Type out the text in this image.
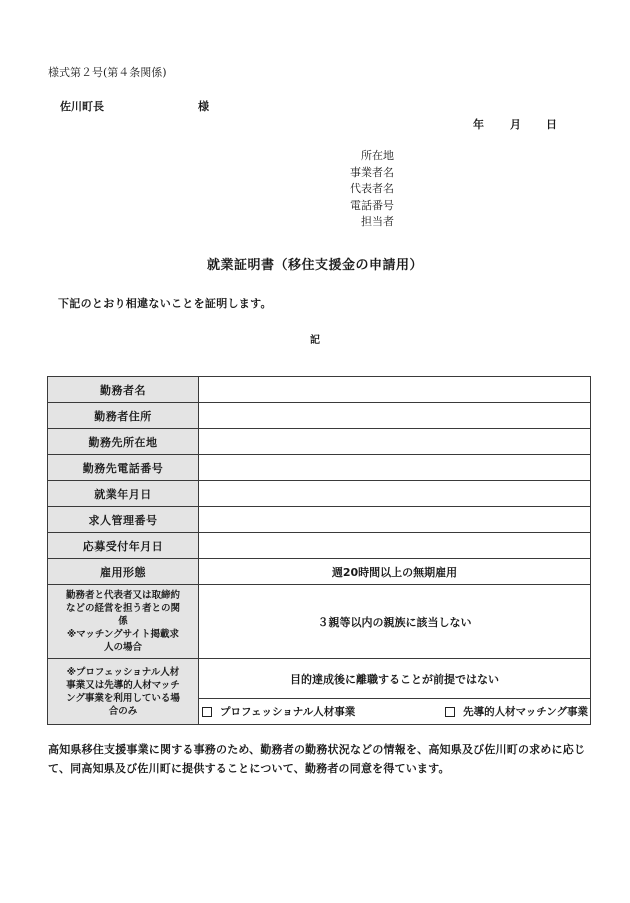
様式第２号(第４条関係)
佐川町長	様
年 月 日
所在地
事業者名
代表者名
電話番号
担当者
就業証明書（移住支援金の申請用）
下記のとおり相違ないことを証明します。
記
勤務者名	
勤務者住所	
勤務先所在地	
勤務先電話番号	
就業年月日	
求人管理番号	
応募受付年月日	
雇用形態	週20時間以上の無期雇用

勤務者と代表者又は取締約
などの経営を担う者との関
係
※マッチングサイト掲載求
人の場合	３親等以内の親族に該当しない

※プロフェッショナル人材
事業又は先導的人材マッチ
ング事業を利用している場
合のみ	目的達成後に離職することが前提ではない

	プロフェッショナル人材事業 先導的人材マッチング事業
高知県移住支援事業に関する事務のため、勤務者の勤務状況などの情報を、高知県及び佐川町の求めに応じて、同高知県及び佐川町に提供することについて、勤務者の同意を得ています。
